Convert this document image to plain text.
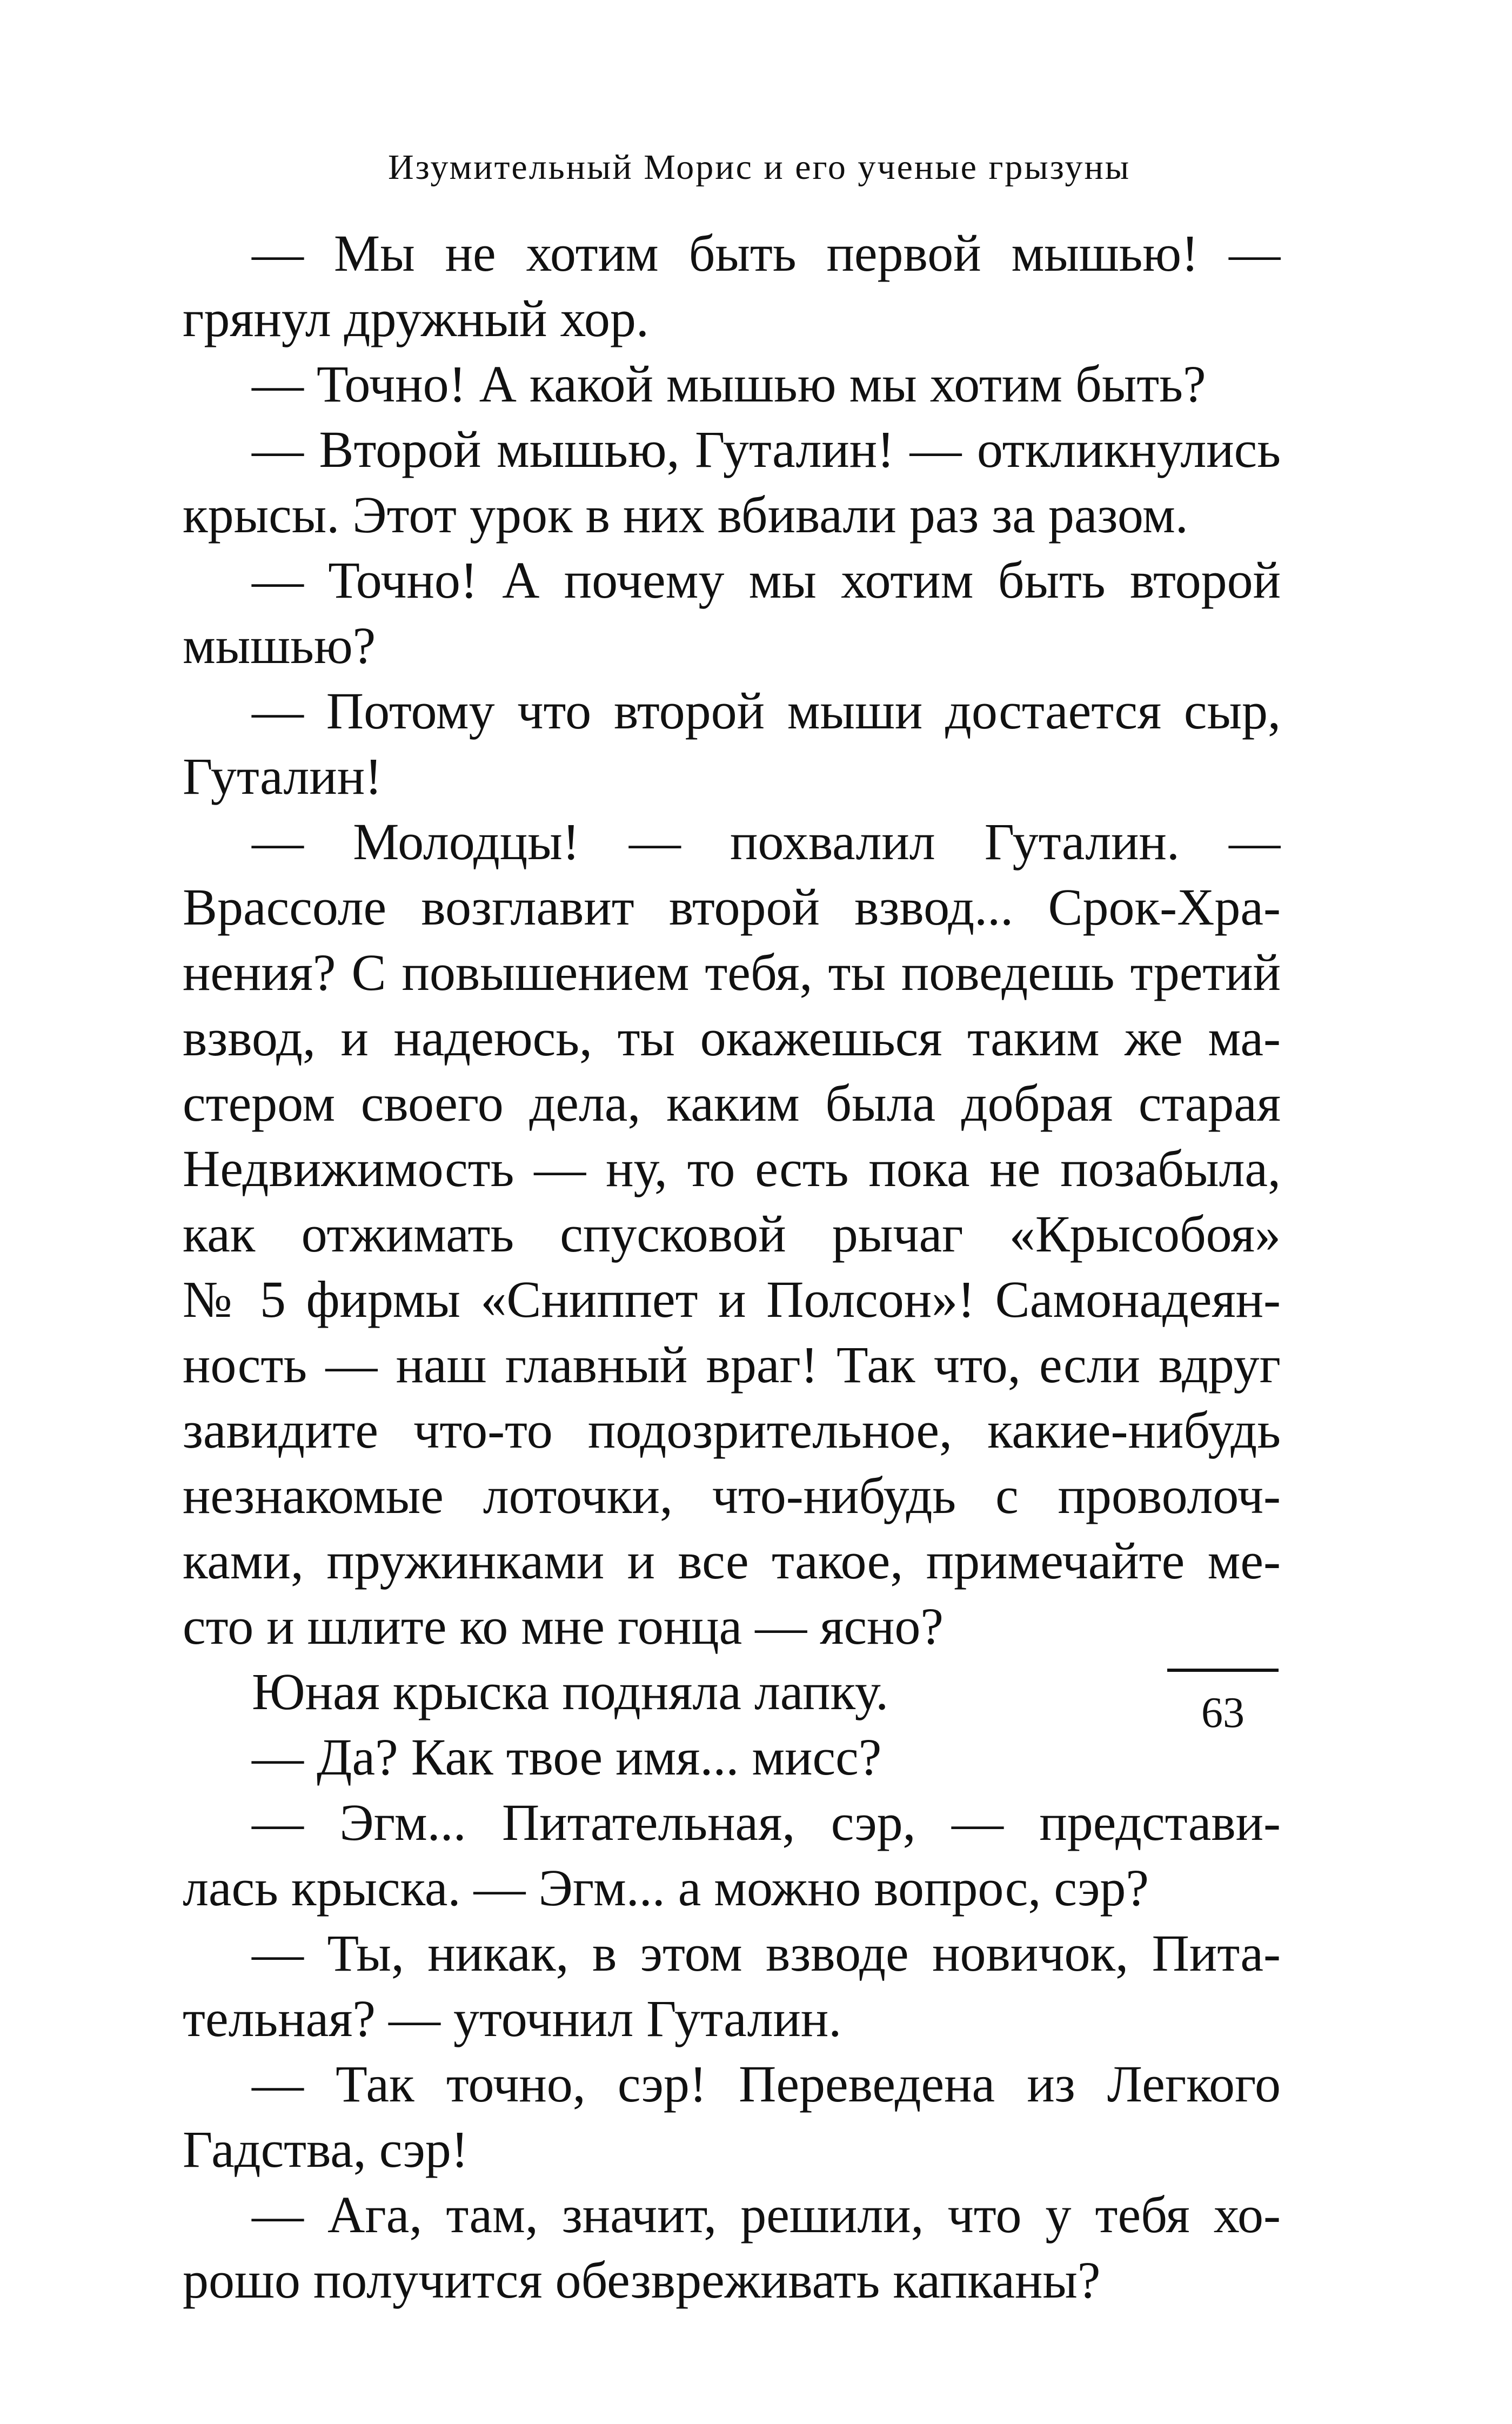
Изумительный Морис и его ученые грызуны
— Мы не хотим быть первой мышью! —
грянул дружный хор.
— Точно! А какой мышью мы хотим быть?
— Второй мышью, Гуталин! — откликнулись
крысы. Этот урок в них вбивали раз за разом.
— Точно! А почему мы хотим быть второй
мышью?
— Потому что второй мыши достается сыр,
Гуталин!
— Молодцы! — похвалил Гуталин. —
Врассоле возглавит второй взвод... Срок-Хра-
нения? С повышением тебя, ты поведешь третий
взвод, и надеюсь, ты окажешься таким же ма-
стером своего дела, каким была добрая старая
Недвижимость — ну, то есть пока не позабыла,
как отжимать спусковой рычаг «Крысобоя»
№ 5 фирмы «Сниппет и Полсон»! Самонадеян-
ность — наш главный враг! Так что, если вдруг
завидите что-то подозрительное, какие-нибудь
незнакомые лоточки, что-нибудь с проволоч-
ками, пружинками и все такое, примечайте ме-
сто и шлите ко мне гонца — ясно?
Юная крыска подняла лапку.
— Да? Как твое имя... мисс?
— Эгм... Питательная, сэр, — представи-
лась крыска. — Эгм... а можно вопрос, сэр?
— Ты, никак, в этом взводе новичок, Пита-
тельная? — уточнил Гуталин.
— Так точно, сэр! Переведена из Легкого
Гадства, сэр!
— Ага, там, значит, решили, что у тебя хо-
рошо получится обезвреживать капканы?
63
